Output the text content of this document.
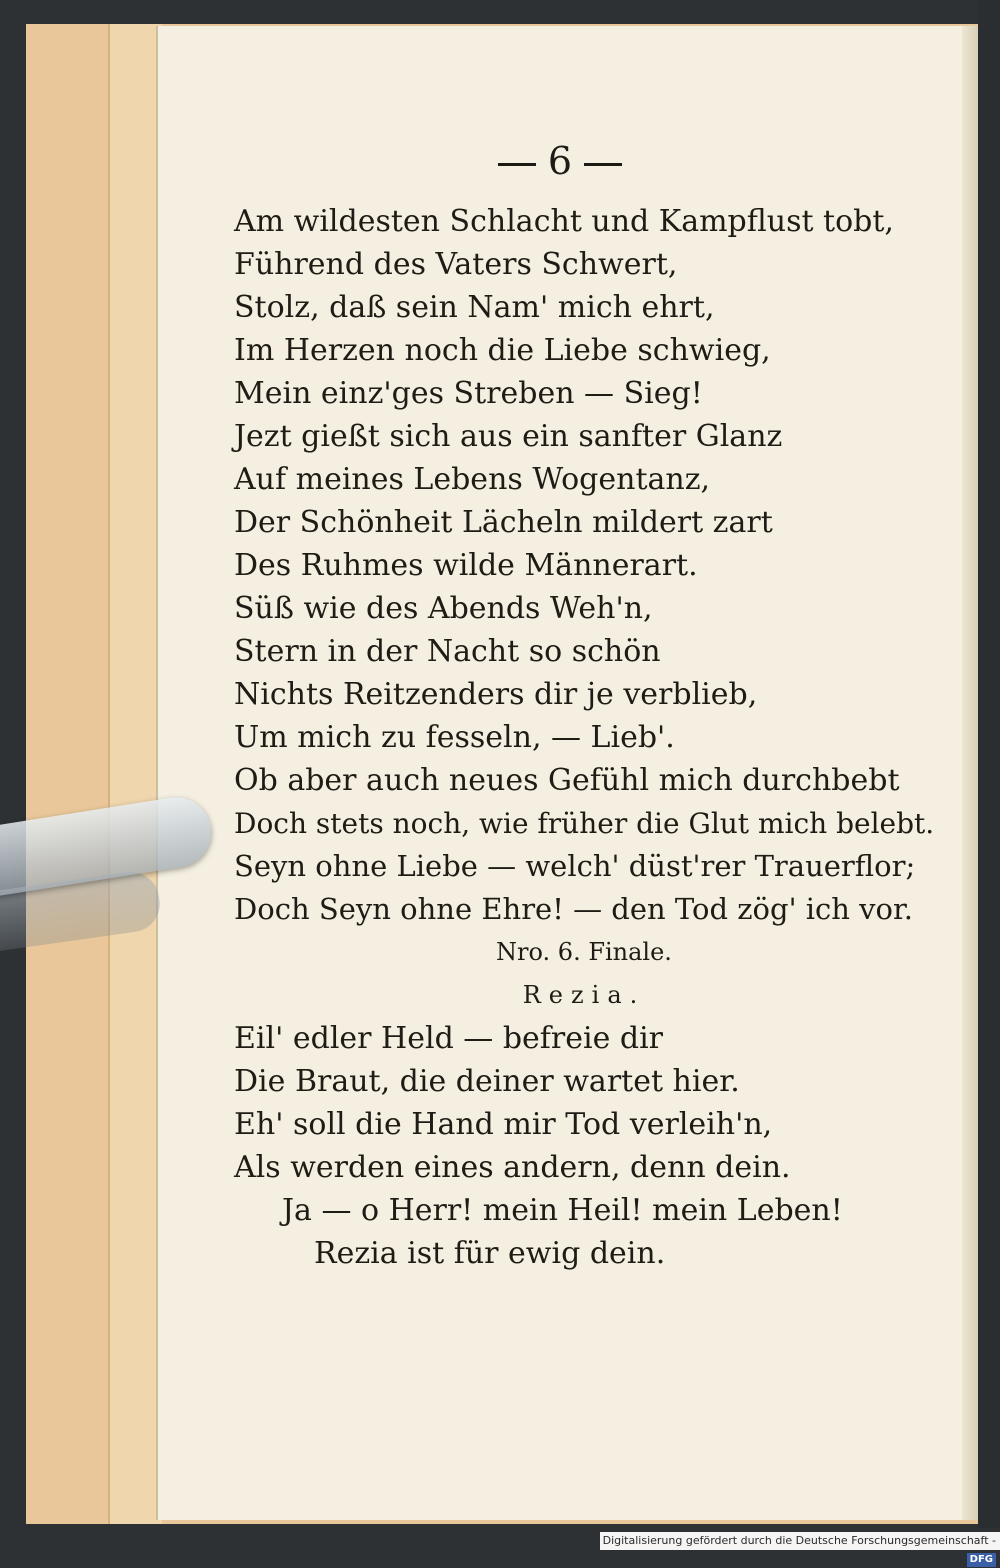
6
Am wildesten Schlacht und Kampflust tobt,
Führend des Vaters Schwert,
Stolz, daß sein Nam' mich ehrt,
Im Herzen noch die Liebe schwieg,
Mein einz'ges Streben — Sieg!
Jezt gießt sich aus ein sanfter Glanz
Auf meines Lebens Wogentanz,
Der Schönheit Lächeln mildert zart
Des Ruhmes wilde Männerart.
Süß wie des Abends Weh'n,
Stern in der Nacht so schön
Nichts Reitzenders dir je verblieb,
Um mich zu fesseln, — Lieb'.
Ob aber auch neues Gefühl mich durchbebt
Doch stets noch, wie früher die Glut mich belebt.
Seyn ohne Liebe — welch' düst'rer Trauerflor;
Doch Seyn ohne Ehre! — den Tod zög' ich vor.
Nro. 6. Finale.
Rezia.
Eil' edler Held — befreie dir
Die Braut, die deiner wartet hier.
Eh' soll die Hand mir Tod verleih'n,
Als werden eines andern, denn dein.
Ja — o Herr! mein Heil! mein Leben!
Rezia ist für ewig dein.
Digitalisierung gefördert durch die Deutsche Forschungsgemeinschaft -DFG
